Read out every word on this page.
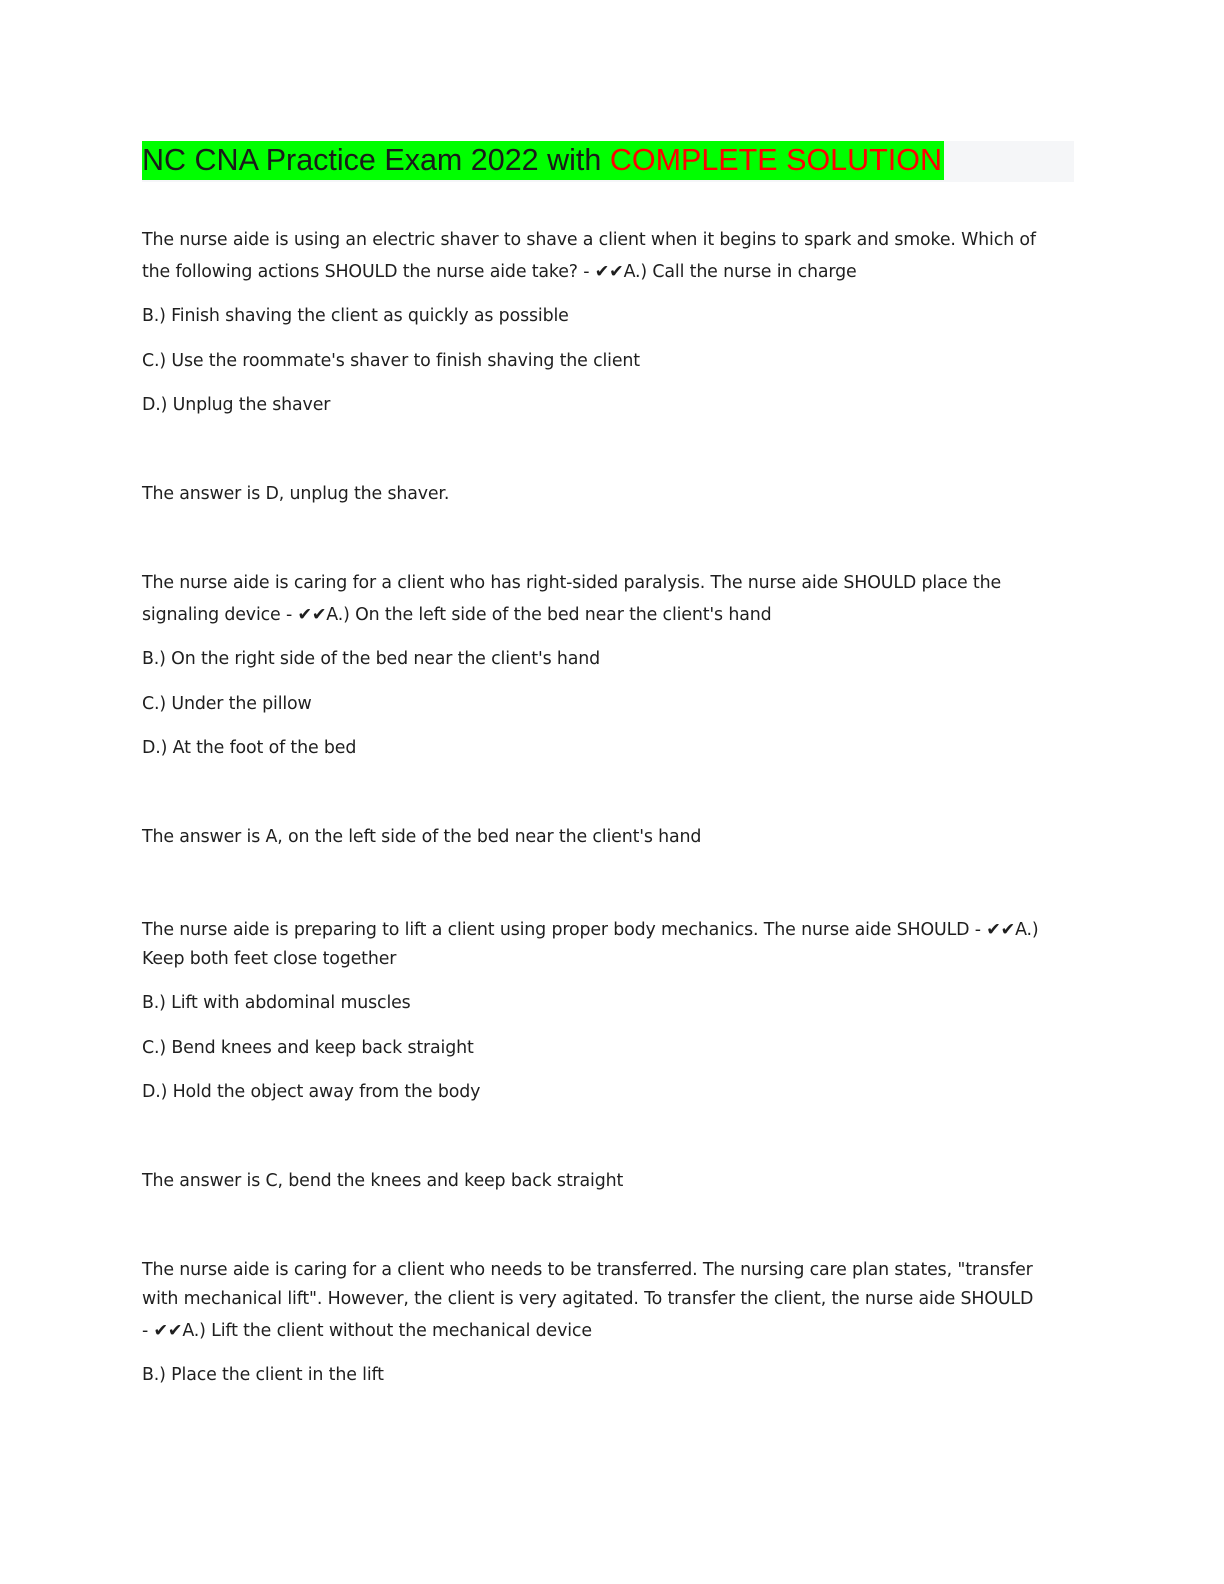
NC CNA Practice Exam 2022 with COMPLETE SOLUTION
The nurse aide is using an electric shaver to shave a client when it begins to spark and smoke. Which of
the following actions SHOULD the nurse aide take? - ✔✔A.) Call the nurse in charge
B.) Finish shaving the client as quickly as possible
C.) Use the roommate's shaver to finish shaving the client
D.) Unplug the shaver
The answer is D, unplug the shaver.
The nurse aide is caring for a client who has right-sided paralysis. The nurse aide SHOULD place the
signaling device - ✔✔A.) On the left side of the bed near the client's hand
B.) On the right side of the bed near the client's hand
C.) Under the pillow
D.) At the foot of the bed
The answer is A, on the left side of the bed near the client's hand
The nurse aide is preparing to lift a client using proper body mechanics. The nurse aide SHOULD - ✔✔A.)
Keep both feet close together
B.) Lift with abdominal muscles
C.) Bend knees and keep back straight
D.) Hold the object away from the body
The answer is C, bend the knees and keep back straight
The nurse aide is caring for a client who needs to be transferred. The nursing care plan states, "transfer
with mechanical lift". However, the client is very agitated. To transfer the client, the nurse aide SHOULD
- ✔✔A.) Lift the client without the mechanical device
B.) Place the client in the lift
